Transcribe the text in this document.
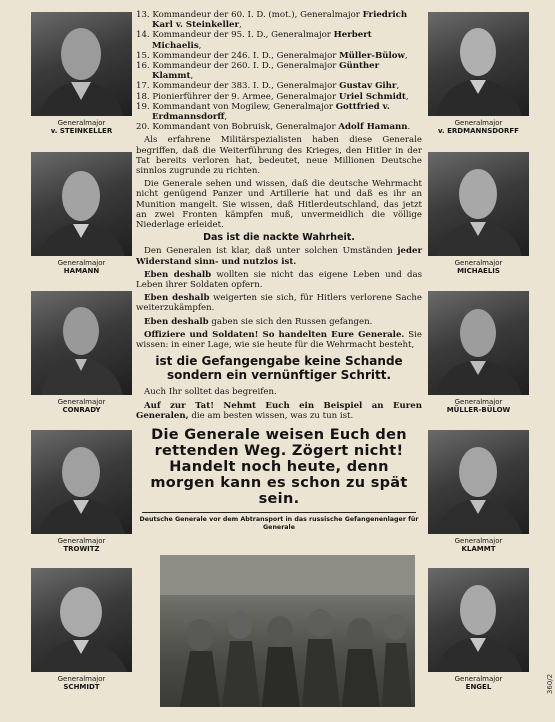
Generalmajor
v. STEINKELLER
Generalmajor
HAMANN
Generalmajor
CONRADY
Generalmajor
TROWITZ
Generalmajor
SCHMIDT
Generalmajor
v. ERDMANNSDORFF
Generalmajor
MICHAELIS
Generalmajor
MÜLLER-BÜLOW
Generalmajor
KLAMMT
Generalmajor
ENGEL
13. Kommandeur der 60. I. D. (mot.), Generalmajor Friedrich Karl v. Steinkeller,
14. Kommandeur der 95. I. D., Generalmajor Herbert Michaelis,
15. Kommandeur der 246. I. D., Generalmajor Müller-Bülow,
16. Kommandeur der 260. I. D., Generalmajor Günther Klammt,
17. Kommandeur der 383. I. D., Generalmajor Gustav Gihr,
18. Pionierführer der 9. Armee, Generalmajor Uriel Schmidt,
19. Kommandant von Mogilew, Generalmajor Gottfried v. Erdmannsdorff,
20. Kommandant von Bobruisk, Generalmajor Adolf Hamann.

Als erfahrene Militärspezialisten haben diese Generale begriffen, daß die Weiterführung des Krieges, den Hitler in der Tat bereits verloren hat, bedeutet, neue Millionen Deutsche sinnlos zugrunde zu richten.

Die Generale sehen und wissen, daß die deutsche Wehrmacht nicht genügend Panzer und Artillerie hat und daß es ihr an Munition mangelt. Sie wissen, daß Hitlerdeutschland, das jetzt an zwei Fronten kämpfen muß, unvermeidlich die völlige Niederlage erleidet.

Das ist die nackte Wahrheit.

Den Generalen ist klar, daß unter solchen Umständen jeder Widerstand sinn- und nutzlos ist.

Eben deshalb wollten sie nicht das eigene Leben und das Leben ihrer Soldaten opfern.

Eben deshalb weigerten sie sich, für Hitlers verlorene Sache weiterzukämpfen.

Eben deshalb gaben sie sich den Russen gefangen.

Offiziere und Soldaten! So handelten Eure Generale. Sie wissen: in einer Lage, wie sie heute für die Wehrmacht besteht,

ist die Gefangengabe keine Schande sondern ein vernünftiger Schritt.

Auch Ihr solltet das begreifen.

Auf zur Tat! Nehmt Euch ein Beispiel an Euren Generalen, die am besten wissen, was zu tun ist.

Die Generale weisen Euch den rettenden Weg. Zögert nicht! Handelt noch heute, denn morgen kann es schon zu spät sein.
Deutsche Generale vor dem Abtransport in das russische Gefangenenlager für Generale
360/2
